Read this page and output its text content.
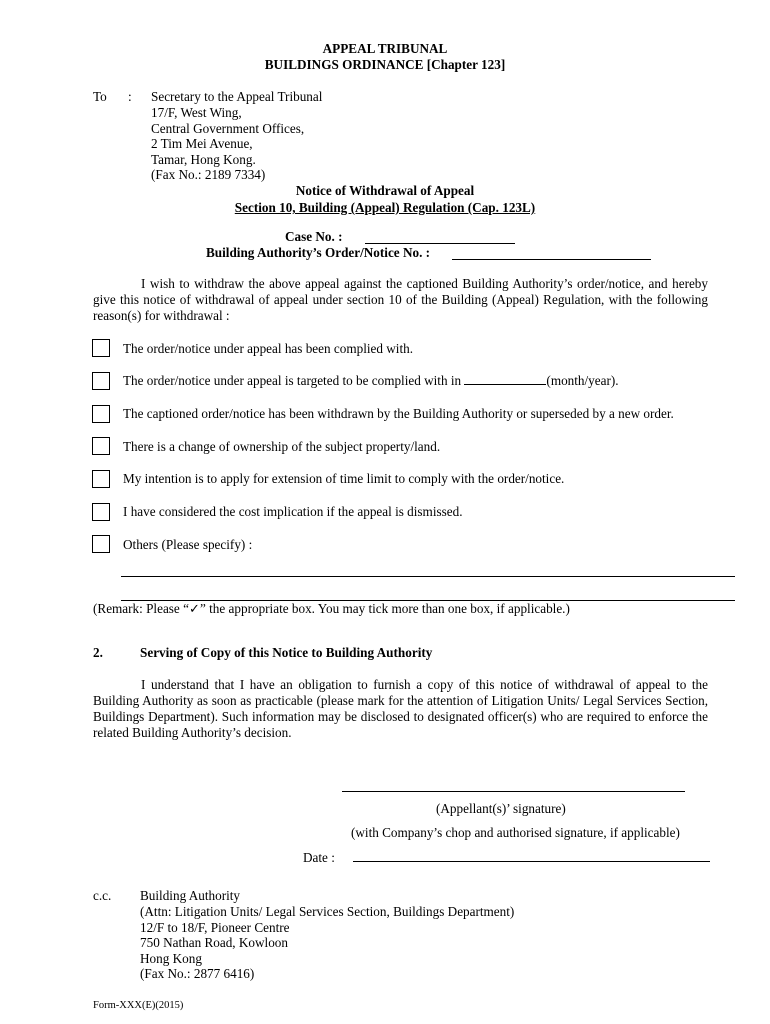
APPEAL TRIBUNAL
BUILDINGS ORDINANCE [Chapter 123]
To : Secretary to the Appeal Tribunal
17/F, West Wing,
Central Government Offices,
2 Tim Mei Avenue,
Tamar, Hong Kong.
(Fax No.: 2189 7334)
Notice of Withdrawal of Appeal
Section 10, Building (Appeal) Regulation (Cap. 123L)
Case No. :
Building Authority’s Order/Notice No. :
I wish to withdraw the above appeal against the captioned Building Authority’s order/notice, and hereby give this notice of withdrawal of appeal under section 10 of the Building (Appeal) Regulation, with the following reason(s) for withdrawal :
The order/notice under appeal has been complied with.
The order/notice under appeal is targeted to be complied with in	(month/year).
The captioned order/notice has been withdrawn by the Building Authority or superseded by a new order.
There is a change of ownership of the subject property/land.
My intention is to apply for extension of time limit to comply with the order/notice.
I have considered the cost implication if the appeal is dismissed.
Others (Please specify) :
(Remark: Please “✓” the appropriate box. You may tick more than one box, if applicable.)
2.	Serving of Copy of this Notice to Building Authority
I understand that I have an obligation to furnish a copy of this notice of withdrawal of appeal to the Building Authority as soon as practicable (please mark for the attention of Litigation Units/ Legal Services Section, Buildings Department). Such information may be disclosed to designated officer(s) who are required to enforce the related Building Authority’s decision.
(Appellant(s)’ signature)
(with Company’s chop and authorised signature, if applicable)
Date :
c.c. Building Authority
(Attn: Litigation Units/ Legal Services Section, Buildings Department)
12/F to 18/F, Pioneer Centre
750 Nathan Road, Kowloon
Hong Kong
(Fax No.: 2877 6416)
Form-XXX(E)(2015)
